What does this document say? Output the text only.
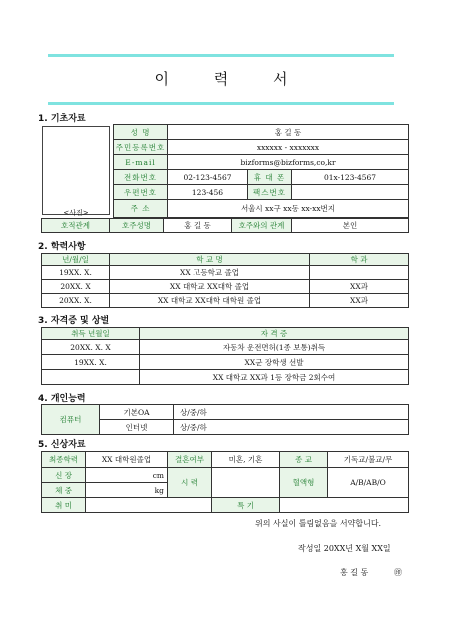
이 력 서
1. 기초자료
<사진>
성 명	홍 길 동		
주민등록번호	xxxxxx - xxxxxxx		
E-mail	bizforms@bizforms,co,kr		
전화번호	02-123-4567	휴 대 폰	01x-123-4567
우편번호	123-456	팩스번호	
주 소	서울시 xx구 xx동 xx-xx번지		
호적관계	호주성명	홍 길 동	호주와의 관계	본인
2. 학력사항
년/월/일	학 교 명	학 과
19XX. X.	XX 고등학교 졸업	
20XX. X	XX 대학교 XX대학 졸업	XX과
20XX. X.	XX 대학교 XX대학 대학원 졸업	XX과
3. 자격증 및 상벌
취득 년월일	자 격 증
20XX. X. X	자동차 운전면허(1종 보통)취득
19XX. X.	XX군 장학생 선발
	XX 대학교 XX과 1등 장학금 2회수여
4. 개인능력
컴퓨터	기본OA	상/중/하
	인터넷	상/중/하
5. 신상자료
최종학력	XX 대학원졸업	결혼여부	미혼, 기혼	종 교	기독교/불교/무
신 장	cm	시 력		혈액형	A/B/AB/O
체 중	kg				
취 미			특 기		
위의 사실이 틀림없음을 서약합니다.
작성일 20XX년 X월 XX일
홍 길 동	㊞
